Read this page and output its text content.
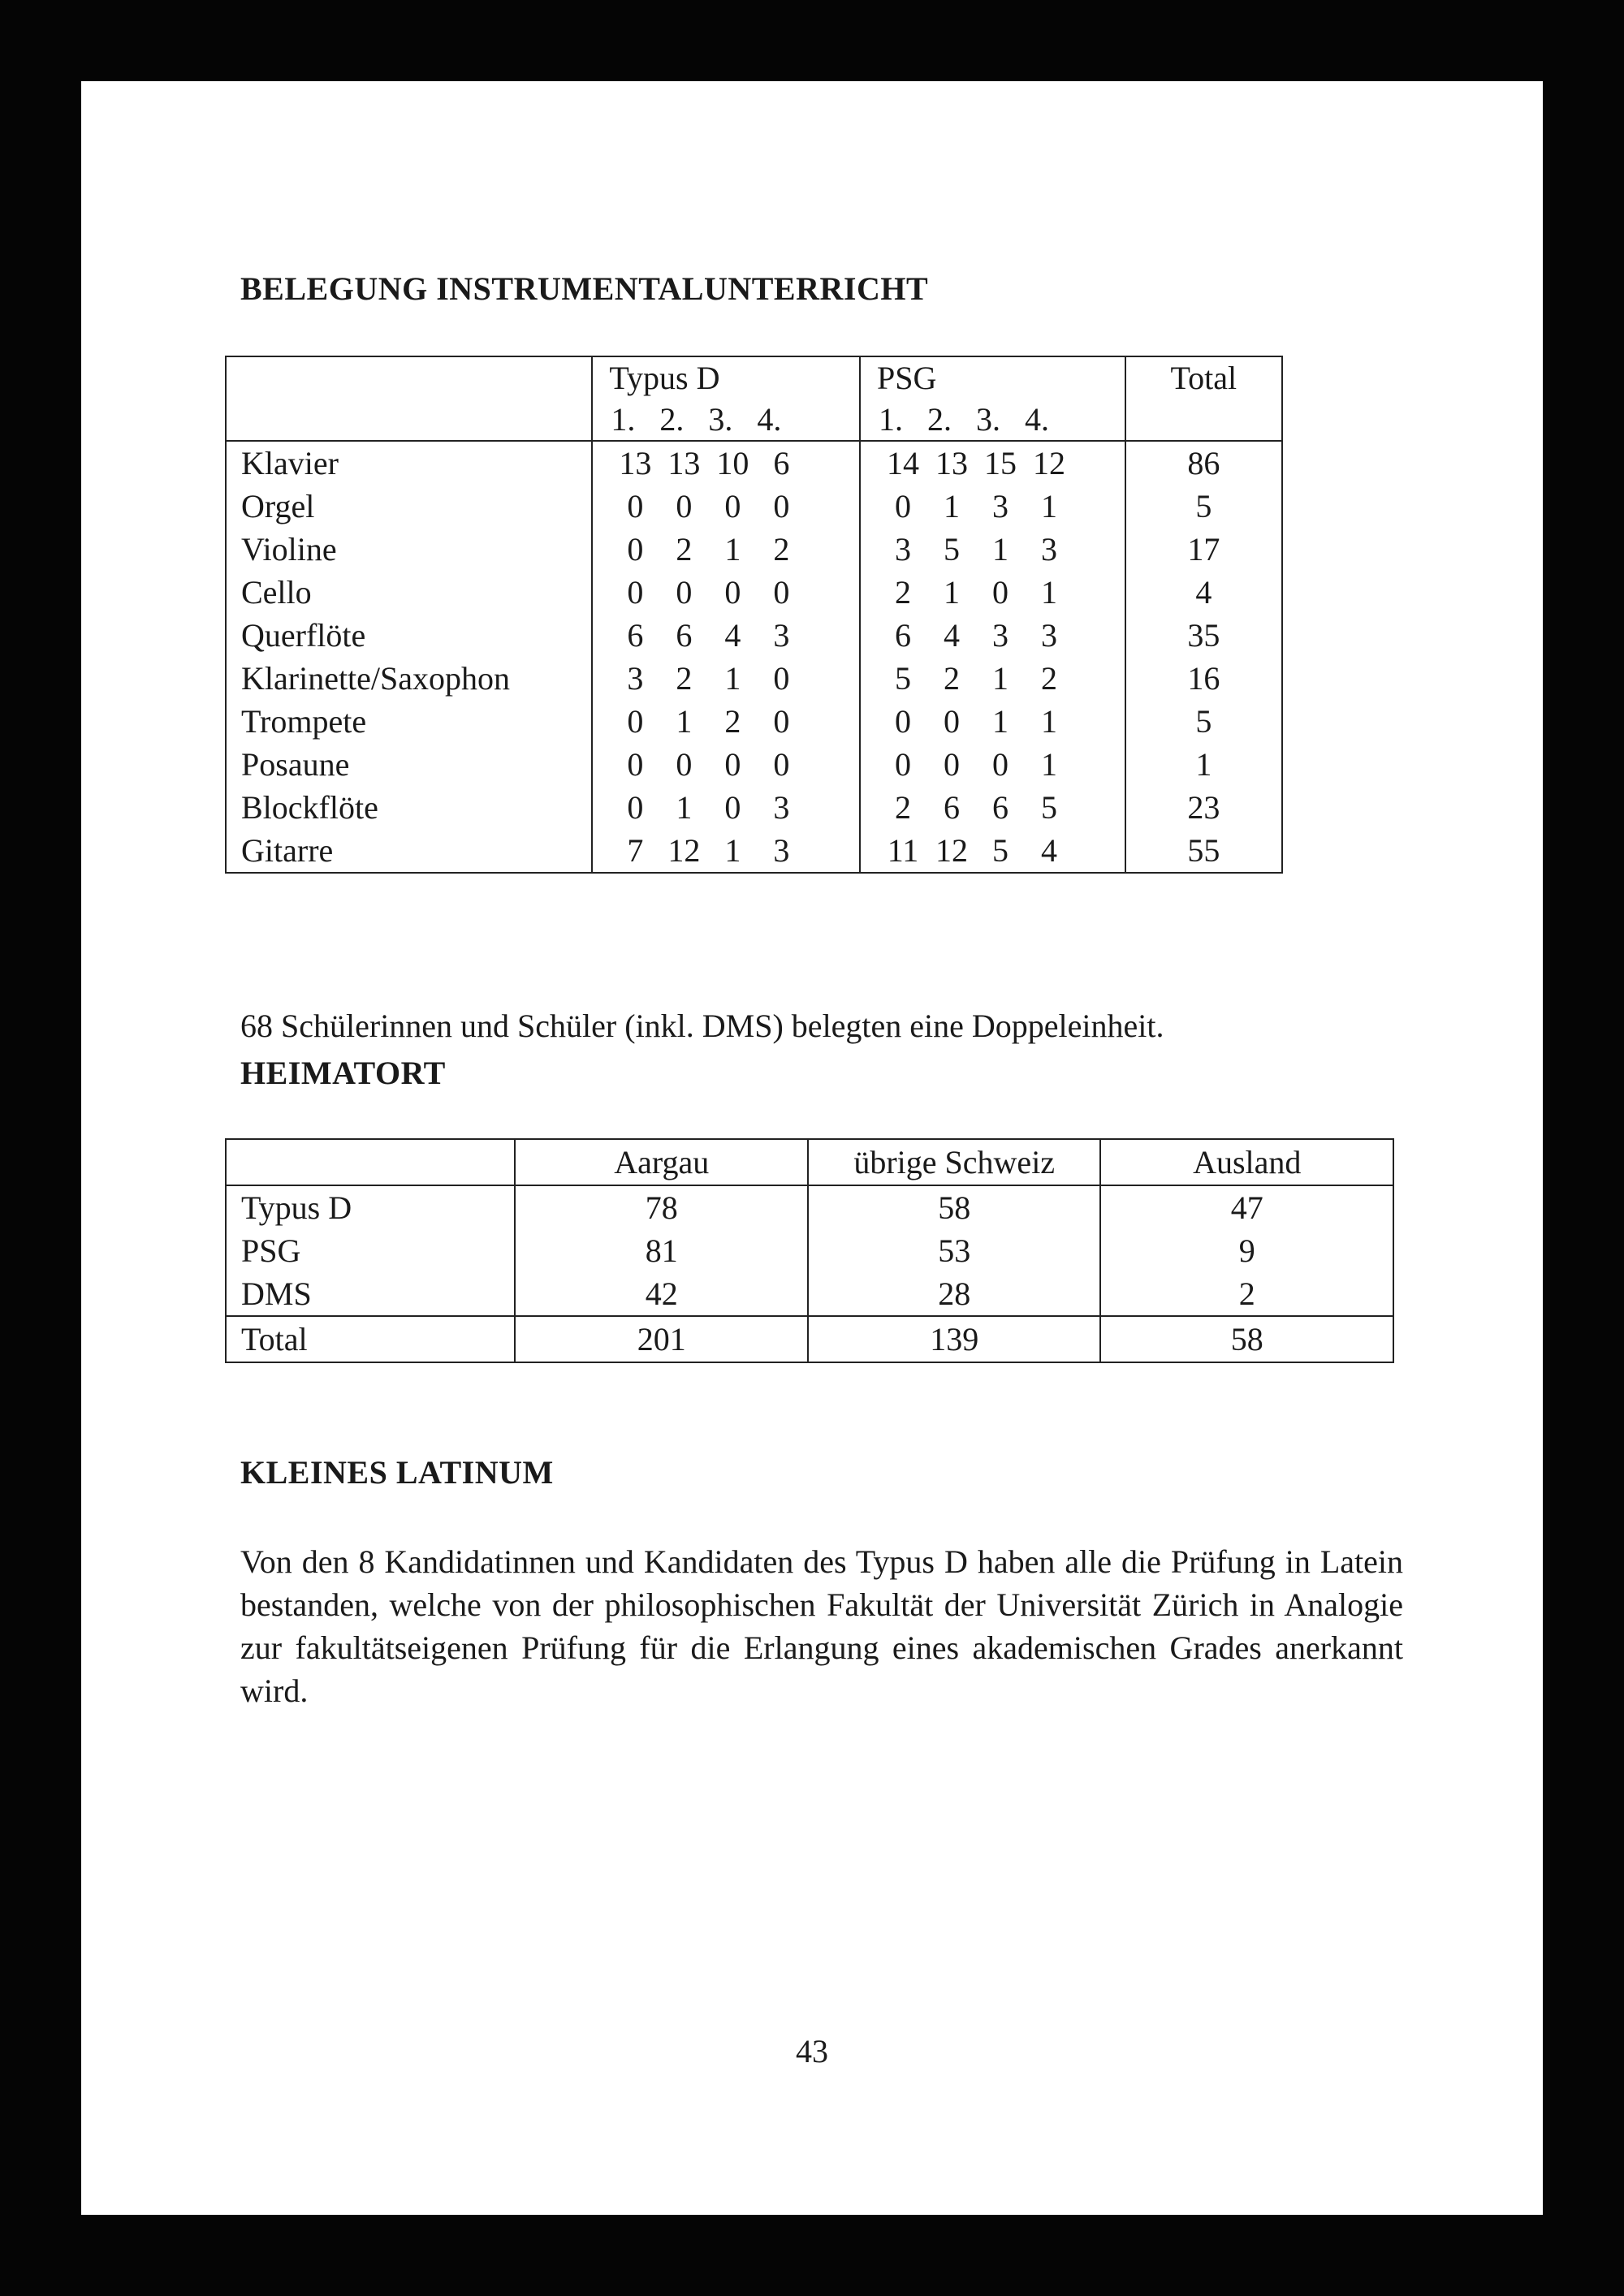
BELEGUNG INSTRUMENTALUNTERRICHT

	Typus D	PSG	Total

	1. 2. 3. 4.	1. 2. 3. 4.	

Klavier	13 13 10 6	14 13 15 12	86
Orgel	0 0 0 0	0 1 3 1	5
Violine	0 2 1 2	3 5 1 3	17
Cello	0 0 0 0	2 1 0 1	4
Querflöte	6 6 4 3	6 4 3 3	35
Klarinette/Saxophon	3 2 1 0	5 2 1 2	16
Trompete	0 1 2 0	0 0 1 1	5
Posaune	0 0 0 0	0 0 0 1	1
Blockflöte	0 1 0 3	2 6 6 5	23
Gitarre	7 12 1 3	11 12 5 4	55

68 Schülerinnen und Schüler (inkl. DMS) belegten eine Doppeleinheit.

HEIMATORT
	Aargau	übrige Schweiz	Ausland
Typus D	78	58	47
PSG	81	53	9
DMS	42	28	2
Total	201	139	58
KLEINES LATINUM

Von den 8 Kandidatinnen und Kandidaten des Typus D haben alle die Prüfung in Latein bestanden, welche von der philosophischen Fakultät der Universität Zürich in Analogie zur fakultätseigenen Prüfung für die Erlangung eines akademischen Grades anerkannt wird.

43
